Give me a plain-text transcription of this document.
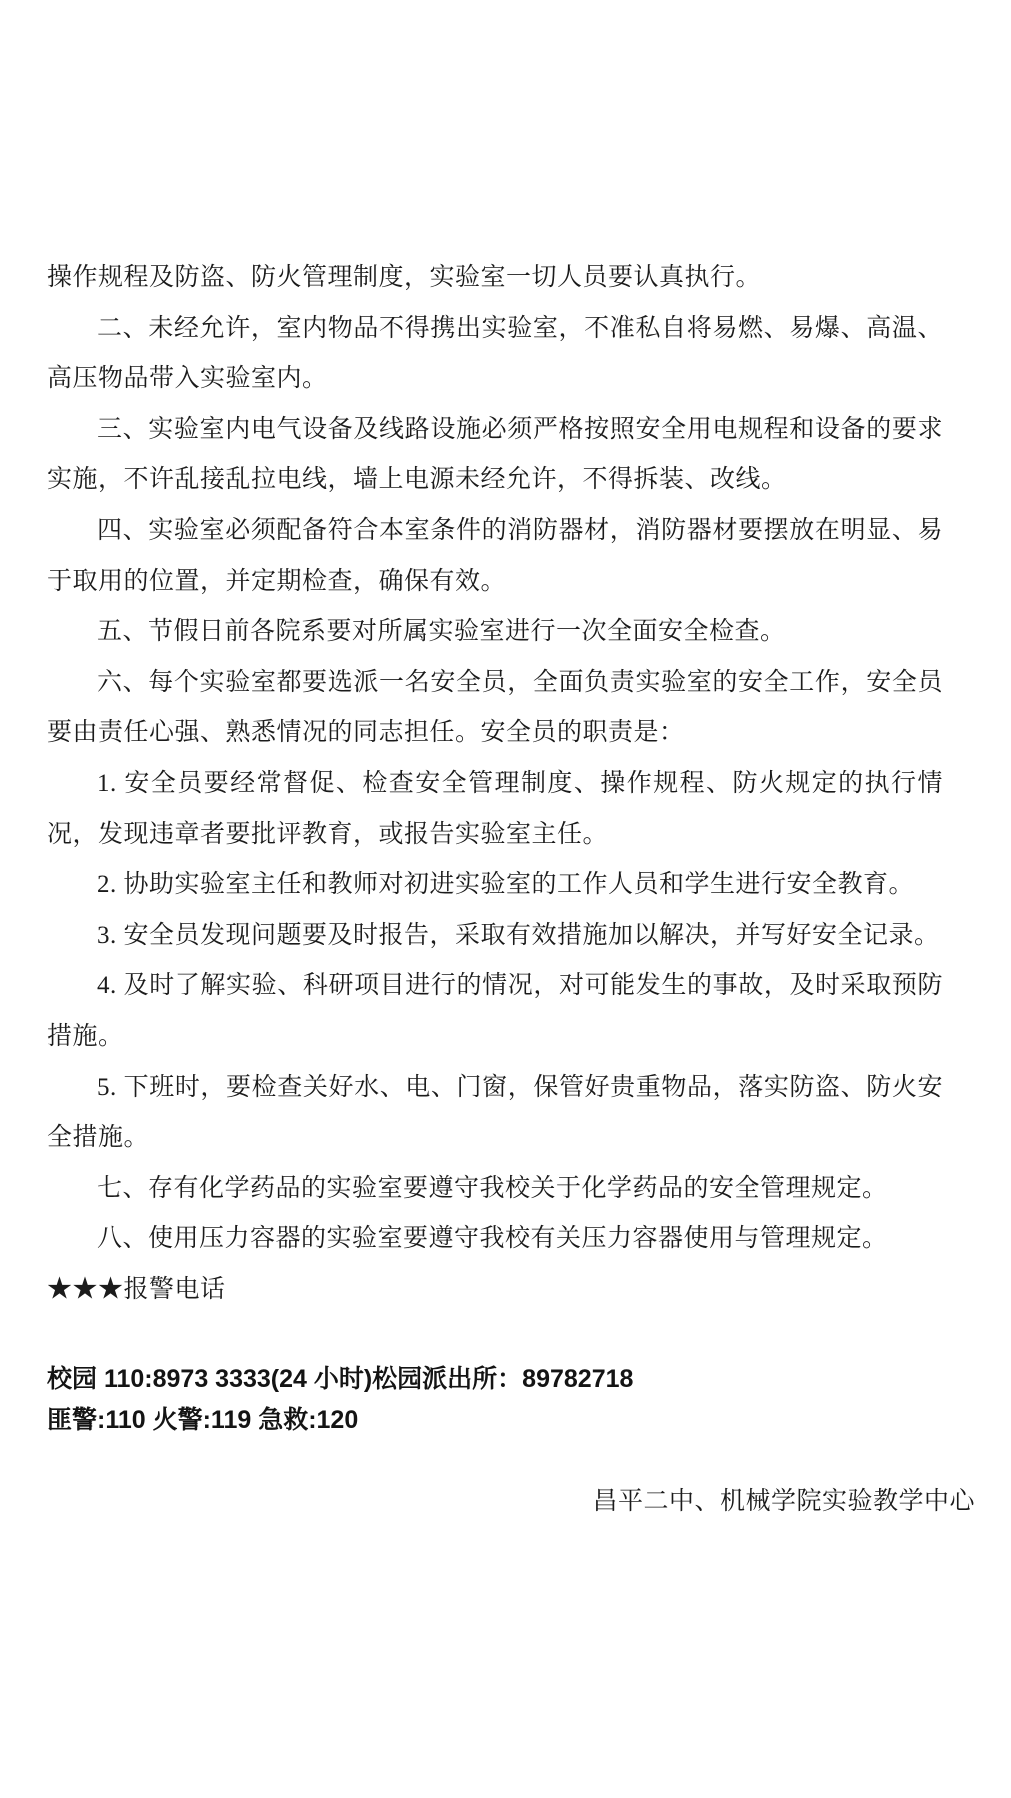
操作规程及防盗、防火管理制度，实验室一切人员要认真执行。

二、未经允许，室内物品不得携出实验室，不准私自将易燃、易爆、高温、高压物品带入实验室内。

三、实验室内电气设备及线路设施必须严格按照安全用电规程和设备的要求实施，不许乱接乱拉电线，墙上电源未经允许，不得拆装、改线。

四、实验室必须配备符合本室条件的消防器材，消防器材要摆放在明显、易于取用的位置，并定期检查，确保有效。

五、节假日前各院系要对所属实验室进行一次全面安全检查。

六、每个实验室都要选派一名安全员，全面负责实验室的安全工作，安全员要由责任心强、熟悉情况的同志担任。安全员的职责是：

1. 安全员要经常督促、检查安全管理制度、操作规程、防火规定的执行情况，发现违章者要批评教育，或报告实验室主任。

2. 协助实验室主任和教师对初进实验室的工作人员和学生进行安全教育。

3. 安全员发现问题要及时报告，采取有效措施加以解决，并写好安全记录。

4. 及时了解实验、科研项目进行的情况，对可能发生的事故，及时采取预防措施。

5. 下班时，要检查关好水、电、门窗，保管好贵重物品，落实防盗、防火安全措施。

七、存有化学药品的实验室要遵守我校关于化学药品的安全管理规定。

八、使用压力容器的实验室要遵守我校有关压力容器使用与管理规定。

★★★报警电话

校园 110:8973 3333(24 小时)松园派出所：89782718

匪警:110 火警:119 急救:120

昌平二中、机械学院实验教学中心
